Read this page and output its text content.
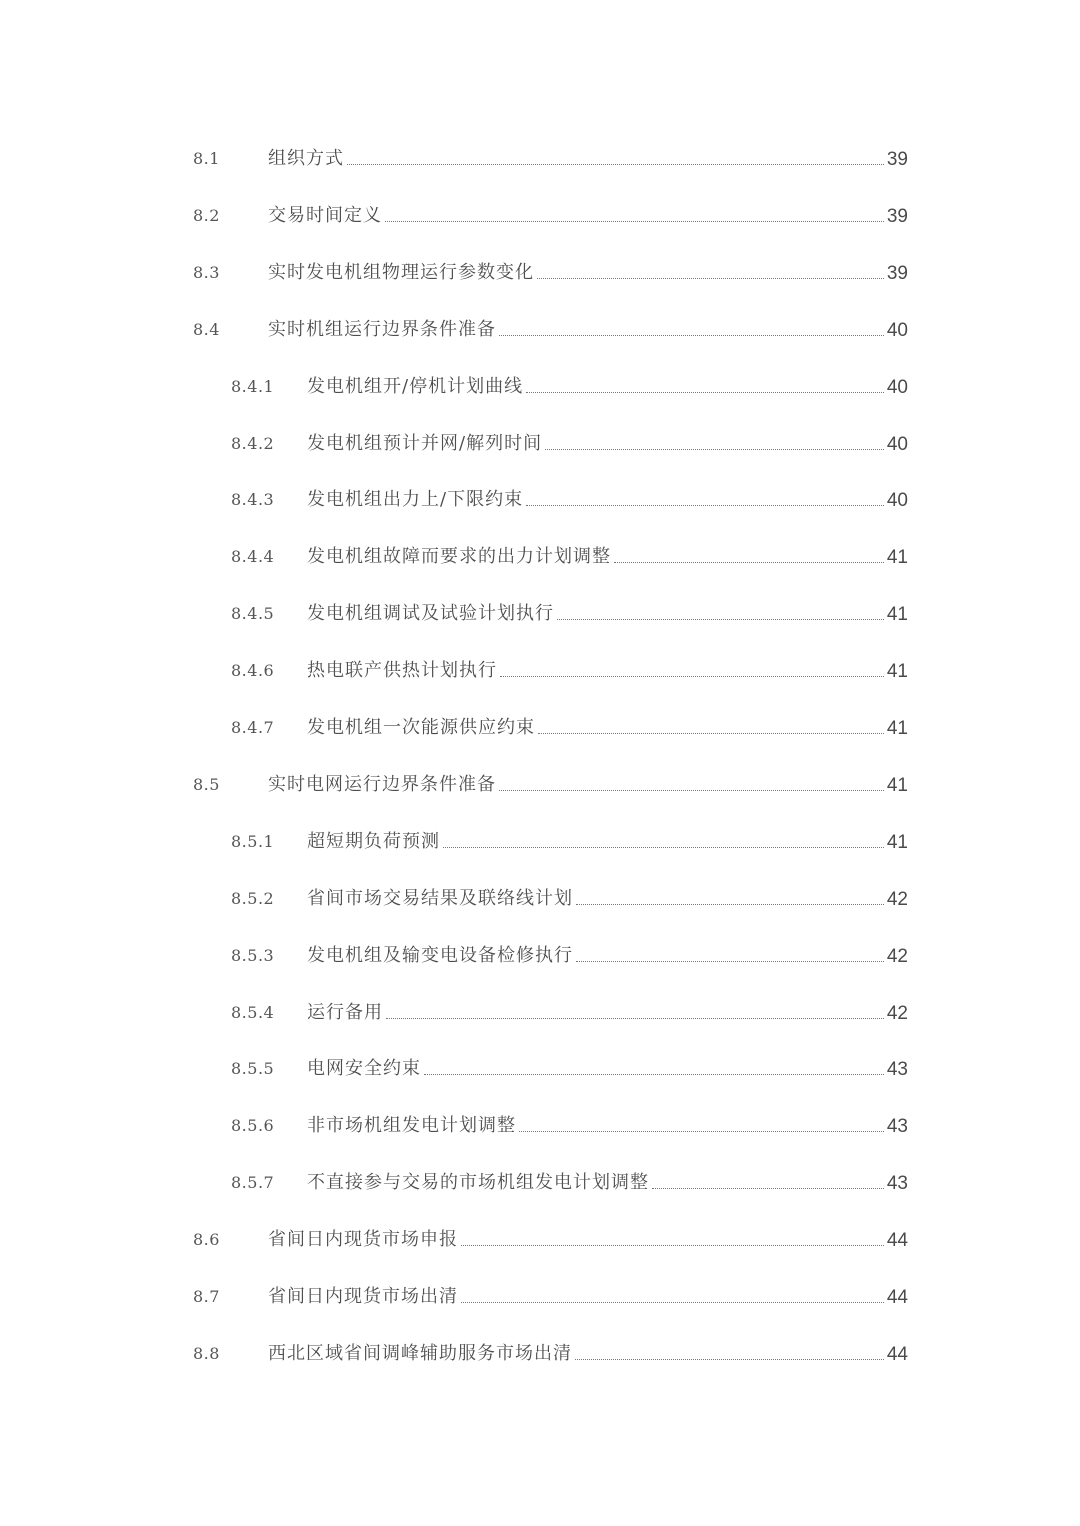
8.1	组织方式	39
8.2	交易时间定义	39
8.3	实时发电机组物理运行参数变化	39
8.4	实时机组运行边界条件准备	40
8.4.1 发电机组开/停机计划曲线	40
8.4.2 发电机组预计并网/解列时间	40
8.4.3 发电机组出力上/下限约束	40
8.4.4 发电机组故障而要求的出力计划调整	41
8.4.5 发电机组调试及试验计划执行	41
8.4.6 热电联产供热计划执行	41
8.4.7 发电机组一次能源供应约束	41
8.5	实时电网运行边界条件准备	41
8.5.1 超短期负荷预测	41
8.5.2 省间市场交易结果及联络线计划	42
8.5.3 发电机组及输变电设备检修执行	42
8.5.4 运行备用	42
8.5.5 电网安全约束	43
8.5.6 非市场机组发电计划调整	43
8.5.7 不直接参与交易的市场机组发电计划调整	43
8.6	省间日内现货市场申报	44
8.7	省间日内现货市场出清	44
8.8	西北区域省间调峰辅助服务市场出清	44
